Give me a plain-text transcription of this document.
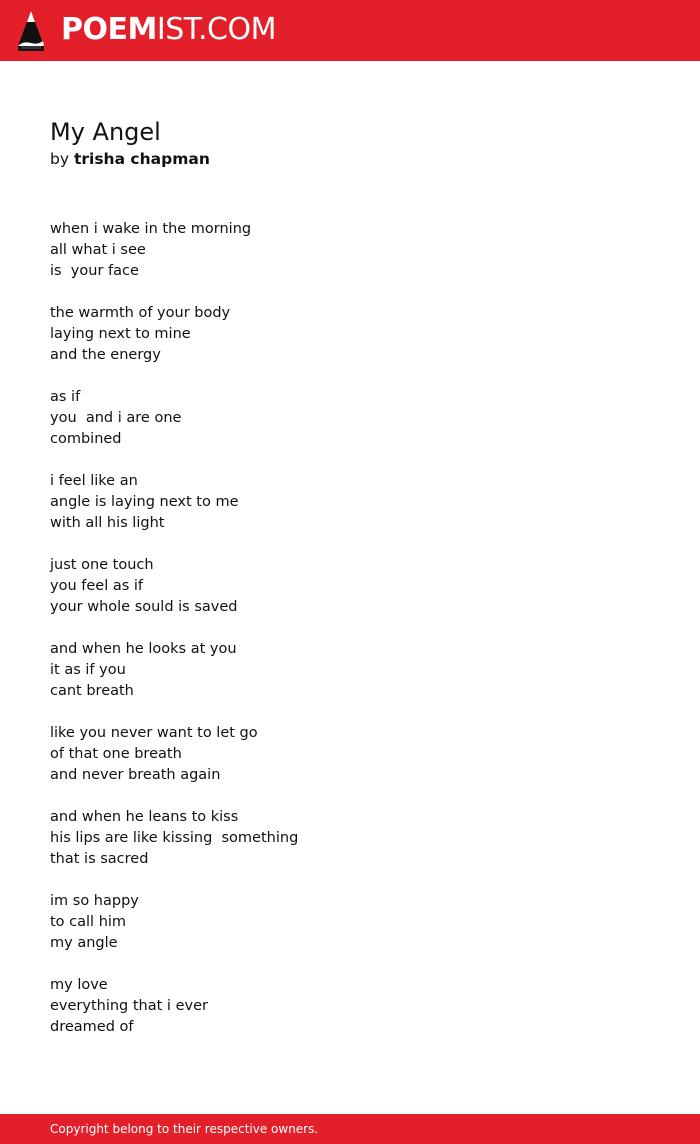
POEMIST.COM
My Angel
by trisha chapman
when i wake in the morning
all what i see
is  your face
the warmth of your body
laying next to mine
and the energy
as if
you  and i are one
combined
i feel like an
angle is laying next to me
with all his light
just one touch
you feel as if
your whole sould is saved
and when he looks at you
it as if you
cant breath
like you never want to let go
of that one breath
and never breath again
and when he leans to kiss
his lips are like kissing  something
that is sacred
im so happy
to call him
my angle
my love
everything that i ever
dreamed of
Copyright belong to their respective owners.
